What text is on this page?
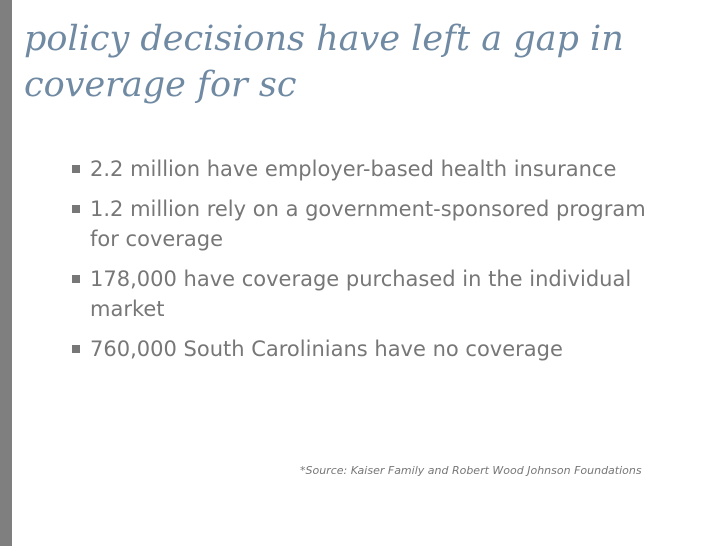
policy decisions have left a gap in coverage for sc
2.2 million have employer-based health insurance
1.2 million rely on a government-sponsored program for coverage
178,000 have coverage purchased in the individual market
760,000 South Carolinians have no coverage
*Source: Kaiser Family and Robert Wood Johnson Foundations
